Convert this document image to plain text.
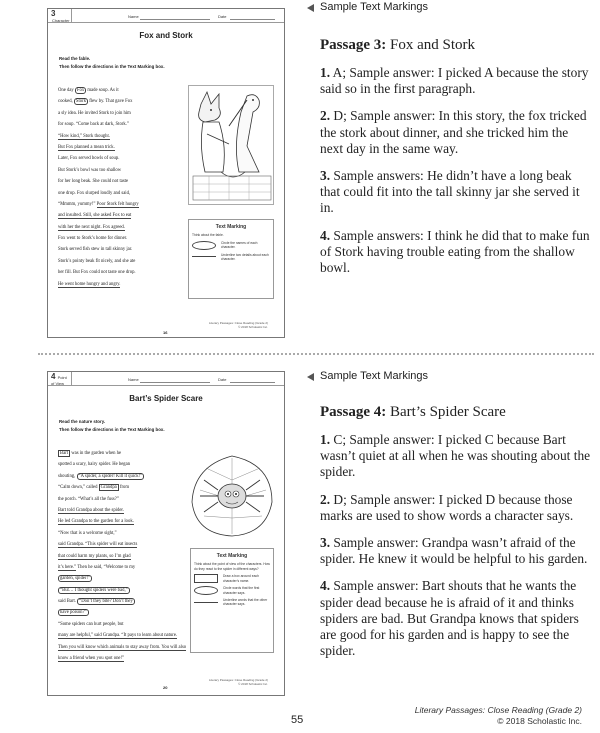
3 Character
Name	Date
Fox and Stork
Read the fable.
Then follow the directions in the Text Marking box.
One day Fox made soup. As it
cooked, Stork flew by. That gave Fox
a sly idea. He invited Stork to join him
for soup. “Come back at dark, Stork.”
“How kind,” Stork thought.
But Fox planned a mean trick.
Later, Fox served bowls of soup.
But Stork’s bowl was too shallow
for her long beak. She could not taste
one drop. Fox slurped loudly and said,
“Mmmm, yummy!” Poor Stork felt hungry
and insulted. Still, she asked Fox to eat
with her the next night. Fox agreed.
Fox went to Stork’s home for dinner.
Stork served fish stew in tall skinny jar.
Stork’s pointy beak fit nicely, and she ate
her fill. But Fox could not taste one drop.
He went home hungry and angry.
Text Marking
Think about the fable.
Circle the names of each character.
Underline two details about each character.
Literary Passages: Close Reading (Grade 2)
© 2018 Scholastic Inc.
16
Sample Text Markings
Passage 3: Fox and Stork

1. A; Sample answer: I picked A because the story said so in the first paragraph.

2. D; Sample answer: In this story, the fox tricked the stork about dinner, and she tricked him the next day in the same way.

3. Sample answers: He didn’t have a long beak that could fit into the tall skinny jar she served it in.

4. Sample answers: I think he did that to make fun of Stork having trouble eating from the shallow bowl.

4 Point of View
Name	Date
Bart’s Spider Scare
Read the nature story.
Then follow the directions in the Text Marking box.
Bart was in the garden when he
spotted a scary, hairy spider. He began
shouting, “A spider, a spider! Kill it quick!”
“Calm down,” called Grandpa from
the porch. “What’s all the fuss?”
Bart told Grandpa about the spider.
He led Grandpa to the garden for a look.
“Now that is a welcome sight,”
said Grandpa. “This spider will eat insects
that could harm my plants, so I’m glad
it’s here.” Then he said, “Welcome to my
garden, spider!”
“But… I thought spiders were bad,”
said Bart. “Don’t they bite? Don’t they
have poison?”
“Some spiders can hurt people, but
many are helpful,” said Grandpa. “It pays to learn about nature.
Then you will know which animals to stay away from. You will also
know a friend when you spot one!”
Text Marking
Think about the point of view of the characters. How do they react to the spider in different ways?
Draw a box around each character’s name.
Circle words that the first character says.
Underline words that the other character says.
Literary Passages: Close Reading (Grade 2)
© 2018 Scholastic Inc.
20
Sample Text Markings
Passage 4: Bart’s Spider Scare

1. C; Sample answer: I picked C because Bart wasn’t quiet at all when he was shouting about the spider.

2. D; Sample answer: I picked D because those marks are used to show words a character says.

3. Sample answer: Grandpa wasn’t afraid of the spider. He knew it would be helpful to his garden.

4. Sample answer: Bart shouts that he wants the spider dead because he is afraid of it and thinks spiders are bad. But Grandpa knows that spiders are good for his garden and is happy to see the spider.

55
Literary Passages: Close Reading (Grade 2)
© 2018 Scholastic Inc.
